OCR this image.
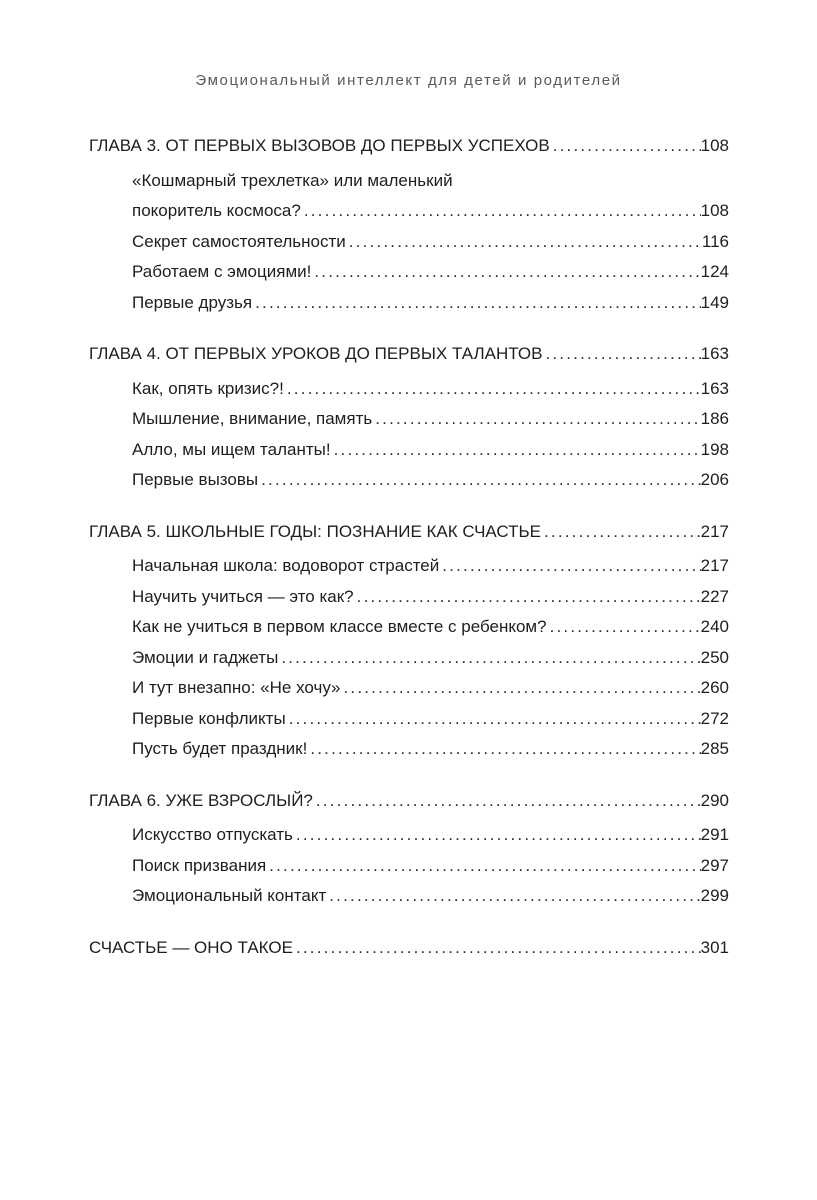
Эмоциональный интеллект для детей и родителей
ГЛАВА 3. ОТ ПЕРВЫХ ВЫЗОВОВ ДО ПЕРВЫХ УСПЕХОВ .....	108
«Кошмарный трехлетка» или маленький
покоритель космоса? .....	108
Секрет самостоятельности .....	116
Работаем с эмоциями! .....	124
Первые друзья .....	149
ГЛАВА 4. ОТ ПЕРВЫХ УРОКОВ ДО ПЕРВЫХ ТАЛАНТОВ .....	163
Как, опять кризис?! .....	163
Мышление, внимание, память .....	186
Алло, мы ищем таланты! .....	198
Первые вызовы .....	206
ГЛАВА 5. ШКОЛЬНЫЕ ГОДЫ: ПОЗНАНИЕ КАК СЧАСТЬЕ .....	217
Начальная школа: водоворот страстей .....	217
Научить учиться — это как? .....	227
Как не учиться в первом классе вместе с ребенком? .....	240
Эмоции и гаджеты .....	250
И тут внезапно: «Не хочу» .....	260
Первые конфликты .....	272
Пусть будет праздник! .....	285
ГЛАВА 6. УЖЕ ВЗРОСЛЫЙ? .....	290
Искусство отпускать .....	291
Поиск призвания .....	297
Эмоциональный контакт .....	299
СЧАСТЬЕ — ОНО ТАКОЕ .....	301
